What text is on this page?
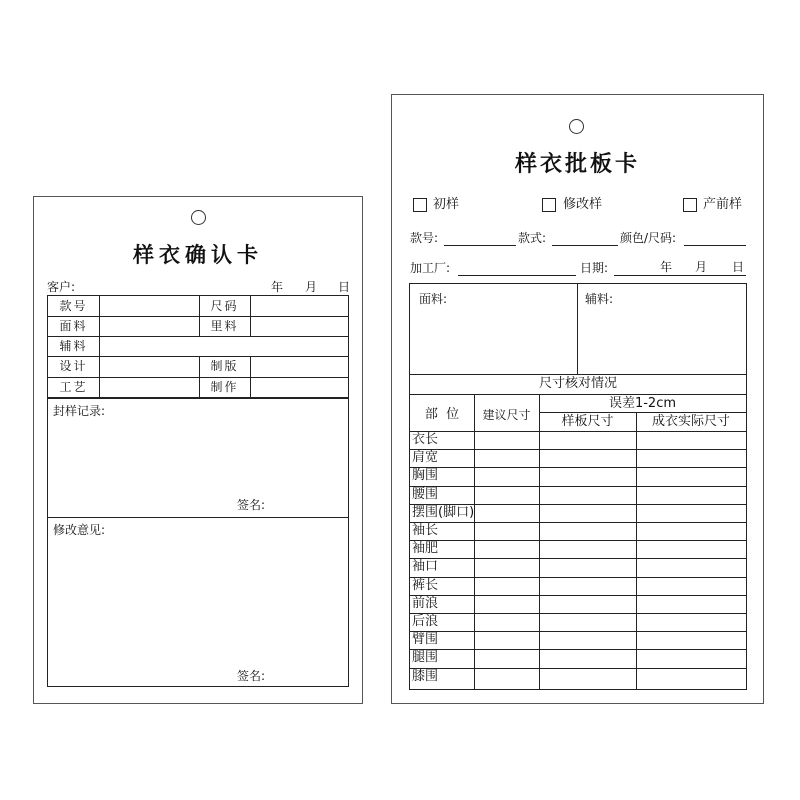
样衣确认卡
客户:	年 月 日
款号	尺码
面料	里料
辅料
设计	制版
工艺	制作
封样记录:
签名:
修改意见:
签名:
样衣批板卡
初样	修改样	产前样
款号:	款式:	颜色/尺码:
加工厂:	日期:	年 月 日
面料:	辅料:
尺寸核对情况
部  位	建议尺寸
误差1-2cm
样板尺寸	成衣实际尺寸
衣长
肩宽
胸围
腰围
摆围(脚口)
袖长
袖肥
袖口
裤长
前浪
后浪
臂围
腿围
膝围
